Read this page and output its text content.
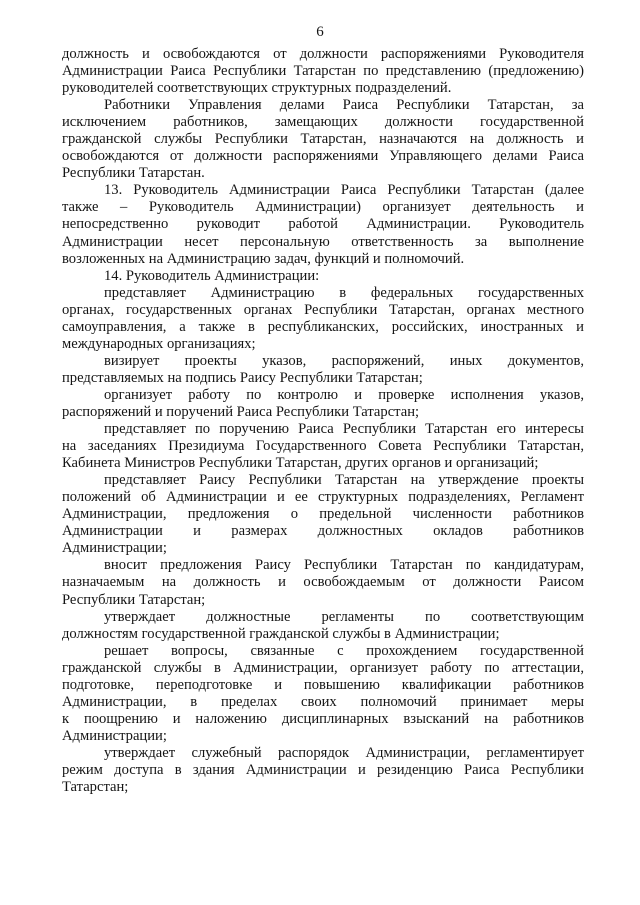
6
должность и освобождаются от должности распоряжениями Руководителя
Администрации Раиса Республики Татарстан по представлению (предложению)
руководителей соответствующих структурных подразделений.
Работники Управления делами Раиса Республики Татарстан, за
исключением работников, замещающих должности государственной
гражданской службы Республики Татарстан, назначаются на должность и
освобождаются от должности распоряжениями Управляющего делами Раиса
Республики Татарстан.
13. Руководитель Администрации Раиса Республики Татарстан (далее
также – Руководитель Администрации) организует деятельность и
непосредственно руководит работой Администрации. Руководитель
Администрации несет персональную ответственность за выполнение
возложенных на Администрацию задач, функций и полномочий.
14. Руководитель Администрации:
представляет Администрацию в федеральных государственных
органах, государственных органах Республики Татарстан, органах местного
самоуправления, а также в республиканских, российских, иностранных и
международных организациях;
визирует проекты указов, распоряжений, иных документов,
представляемых на подпись Раису Республики Татарстан;
организует работу по контролю и проверке исполнения указов,
распоряжений и поручений Раиса Республики Татарстан;
представляет по поручению Раиса Республики Татарстан его интересы
на заседаниях Президиума Государственного Совета Республики Татарстан,
Кабинета Министров Республики Татарстан, других органов и организаций;
представляет Раису Республики Татарстан на утверждение проекты
положений об Администрации и ее структурных подразделениях, Регламент
Администрации, предложения о предельной численности работников
Администрации и размерах должностных окладов работников
Администрации;
вносит предложения Раису Республики Татарстан по кандидатурам,
назначаемым на должность и освобождаемым от должности Раисом
Республики Татарстан;
утверждает должностные регламенты по соответствующим
должностям государственной гражданской службы в Администрации;
решает вопросы, связанные с прохождением государственной
гражданской службы в Администрации, организует работу по аттестации,
подготовке, переподготовке и повышению квалификации работников
Администрации, в пределах своих полномочий принимает меры
к поощрению и наложению дисциплинарных взысканий на работников
Администрации;
утверждает служебный распорядок Администрации, регламентирует
режим доступа в здания Администрации и резиденцию Раиса Республики
Татарстан;
